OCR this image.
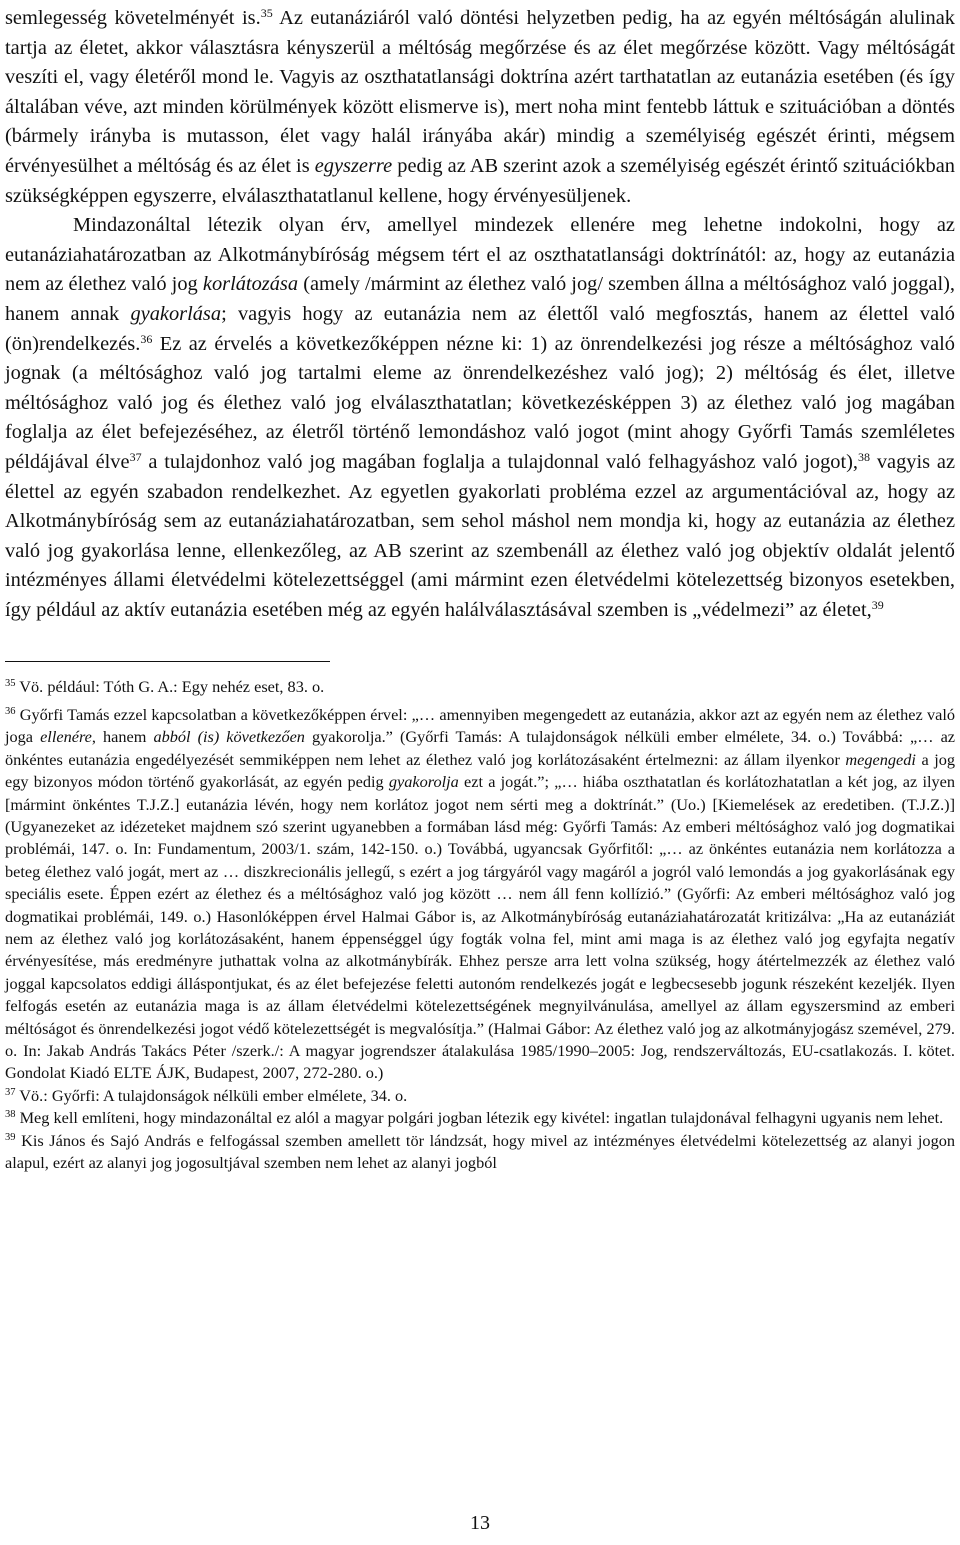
semlegesség követelményét is.$^{35}$ Az eutanáziáról való döntési helyzetben pedig, ha az egyén méltóságán alulinak tartja az életet, akkor választásra kényszerül a méltóság megőrzése és az élet megőrzése között. Vagy méltóságát veszíti el, vagy életéről mond le. Vagyis az oszthatatlansági doktrína azért tarthatatlan az eutanázia esetében (és így általában véve, azt minden körülmények között elismerve is), mert noha mint fentebb láttuk e szituációban a döntés (bármely irányba is mutasson, élet vagy halál irányába akár) mindig a személyiség egészét érinti, mégsem érvényesülhet a méltóság és az élet is egyszerre pedig az AB szerint azok a személyiség egészét érintő szituációkban szükségképpen egyszerre, elválaszthatatlanul kellene, hogy érvényesüljenek.

Mindazonáltal létezik olyan érv, amellyel mindezek ellenére meg lehetne indokolni, hogy az eutanáziahatározatban az Alkotmánybíróság mégsem tért el az oszthatatlansági doktrínától: az, hogy az eutanázia nem az élethez való jog korlátozása (amely /mármint az élethez való jog/ szemben állna a méltósághoz való joggal), hanem annak gyakorlása; vagyis hogy az eutanázia nem az élettől való megfosztás, hanem az élettel való (ön)rendelkezés.$^{36}$ Ez az érvelés a következőképpen nézne ki: 1) az önrendelkezési jog része a méltósághoz való jognak (a méltósághoz való jog tartalmi eleme az önrendelkezéshez való jog); 2) méltóság és élet, illetve méltósághoz való jog és élethez való jog elválaszthatatlan; következésképpen 3) az élethez való jog magában foglalja az élet befejezéséhez, az életről történő lemondáshoz való jogot (mint ahogy Győrfi Tamás szemléletes példájával élve$^{37}$ a tulajdonhoz való jog magában foglalja a tulajdonnal való felhagyáshoz való jogot),$^{38}$ vagyis az élettel az egyén szabadon rendelkezhet. Az egyetlen gyakorlati probléma ezzel az argumentációval az, hogy az Alkotmánybíróság sem az eutanáziahatározatban, sem sehol máshol nem mondja ki, hogy az eutanázia az élethez való jog gyakorlása lenne, ellenkezőleg, az AB szerint az szembenáll az élethez való jog objektív oldalát jelentő intézményes állami életvédelmi kötelezettséggel (ami mármint ezen életvédelmi kötelezettség bizonyos esetekben, így például az aktív eutanázia esetében még az egyén halálválasztásával szemben is „védelmezi” az életet,$^{39}$

$^{35}$ Vö. például: Tóth G. A.: Egy nehéz eset, 83. o.

$^{36}$ Győrfi Tamás ezzel kapcsolatban a következőképpen érvel: „… amennyiben megengedett az eutanázia, akkor azt az egyén nem az élethez való joga ellenére, hanem abból (is) következően gyakorolja.” (Győrfi Tamás: A tulajdonságok nélküli ember elmélete, 34. o.) Továbbá: „… az önkéntes eutanázia engedélyezését semmiképpen nem lehet az élethez való jog korlátozásaként értelmezni: az állam ilyenkor megengedi a jog egy bizonyos módon történő gyakorlását, az egyén pedig gyakorolja ezt a jogát.”; „… hiába oszthatatlan és korlátozhatatlan a két jog, az ilyen [mármint önkéntes T.J.Z.] eutanázia lévén, hogy nem korlátoz jogot nem sérti meg a doktrínát.” (Uo.) [Kiemelések az eredetiben. (T.J.Z.)] (Ugyanezeket az idézeteket majdnem szó szerint ugyanebben a formában lásd még: Győrfi Tamás: Az emberi méltósághoz való jog dogmatikai problémái, 147. o. In: Fundamentum, 2003/1. szám, 142-150. o.) Továbbá, ugyancsak Győrfitől: „… az önkéntes eutanázia nem korlátozza a beteg élethez való jogát, mert az … diszkrecionális jellegű, s ezért a jog tárgyáról vagy magáról a jogról való lemondás a jog gyakorlásának egy speciális esete. Éppen ezért az élethez és a méltósághoz való jog között … nem áll fenn kollízió.” (Győrfi: Az emberi méltósághoz való jog dogmatikai problémái, 149. o.) Hasonlóképpen érvel Halmai Gábor is, az Alkotmánybíróság eutanáziahatározatát kritizálva: „Ha az eutanáziát nem az élethez való jog korlátozásaként, hanem éppenséggel úgy fogták volna fel, mint ami maga is az élethez való jog egyfajta negatív érvényesítése, más eredményre juthattak volna az alkotmánybírák. Ehhez persze arra lett volna szükség, hogy átértelmezzék az élethez való joggal kapcsolatos eddigi álláspontjukat, és az élet befejezése feletti autonóm rendelkezés jogát e legbecsesebb jogunk részeként kezeljék. Ilyen felfogás esetén az eutanázia maga is az állam életvédelmi kötelezettségének megnyilvánulása, amellyel az állam egyszersmind az emberi méltóságot és önrendelkezési jogot védő kötelezettségét is megvalósítja.” (Halmai Gábor: Az élethez való jog az alkotmányjogász szemével, 279. o. In: Jakab András Takács Péter /szerk./: A magyar jogrendszer átalakulása 1985/1990–2005: Jog, rendszerváltozás, EU-csatlakozás. I. kötet. Gondolat Kiadó ELTE ÁJK, Budapest, 2007, 272-280. o.)

$^{37}$ Vö.: Győrfi: A tulajdonságok nélküli ember elmélete, 34. o.

$^{38}$ Meg kell említeni, hogy mindazonáltal ez alól a magyar polgári jogban létezik egy kivétel: ingatlan tulajdonával felhagyni ugyanis nem lehet.

$^{39}$ Kis János és Sajó András e felfogással szemben amellett tör lándzsát, hogy mivel az intézményes életvédelmi kötelezettség az alanyi jogon alapul, ezért az alanyi jog jogosultjával szemben nem lehet az alanyi jogból

13
